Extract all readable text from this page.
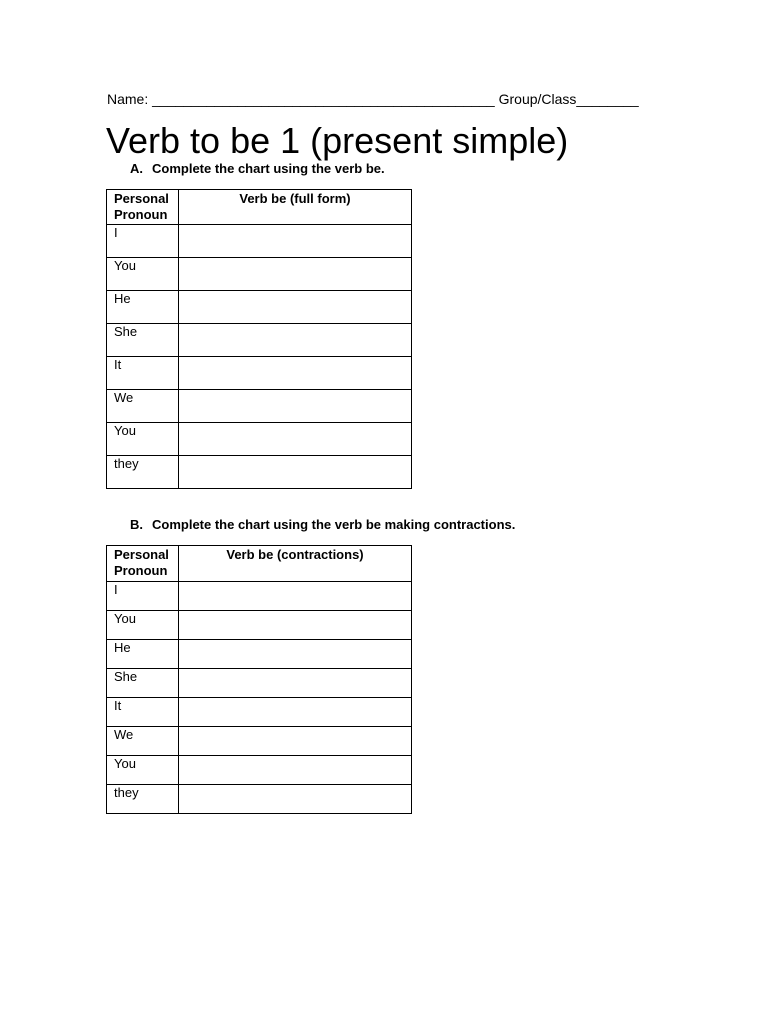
Name: ____________________________________________ Group/Class________
Verb to be 1 (present simple)
A. Complete the chart using the verb be.
Personal Pronoun	Verb be (full form)
I	
You	
He	
She	
It	
We	
You	
they	
B. Complete the chart using the verb be making contractions.
Personal Pronoun	Verb be (contractions)
I	
You	
He	
She	
It	
We	
You	
they	
